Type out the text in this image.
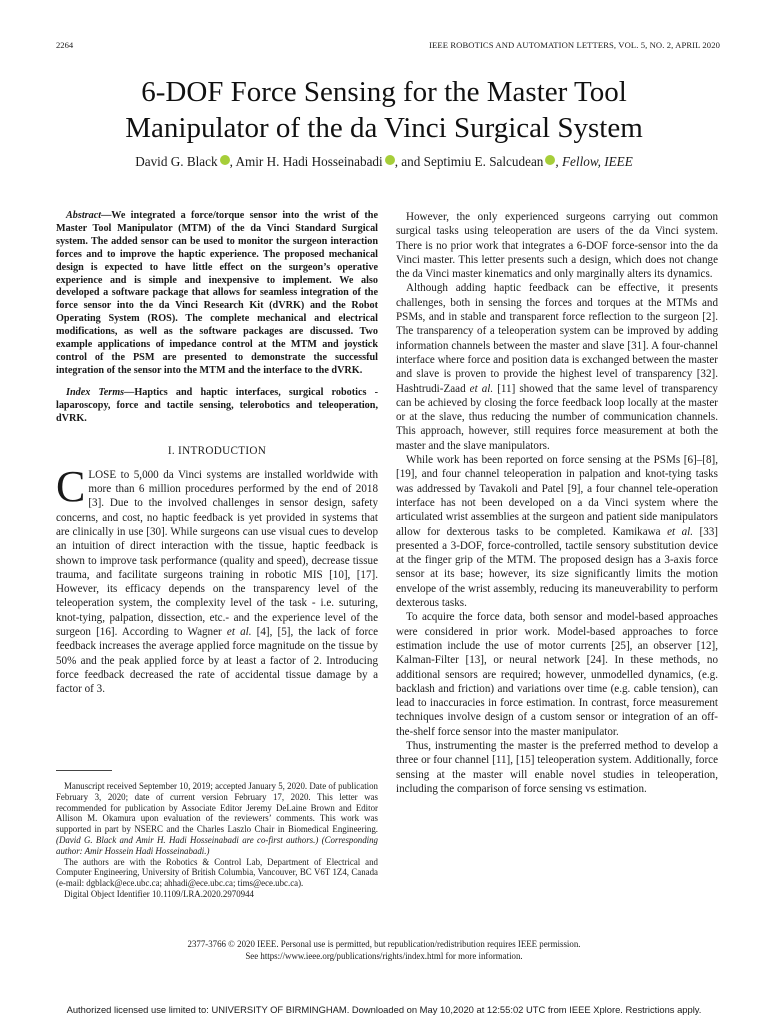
2264	IEEE ROBOTICS AND AUTOMATION LETTERS, VOL. 5, NO. 2, APRIL 2020
6-DOF Force Sensing for the Master Tool
Manipulator of the da Vinci Surgical System
David G. Black , Amir H. Hadi Hosseinabadi , and Septimiu E. Salcudean , Fellow, IEEE
Abstract—We integrated a force/torque sensor into the wrist of the Master Tool Manipulator (MTM) of the da Vinci Standard Surgical system. The added sensor can be used to monitor the surgeon interaction forces and to improve the haptic experience. The proposed mechanical design is expected to have little effect on the surgeon’s operative experience and is simple and inexpensive to implement. We also developed a software package that allows for seamless integration of the force sensor into the da Vinci Research Kit (dVRK) and the Robot Operating System (ROS). The complete mechanical and electrical modifications, as well as the software packages are discussed. Two example applications of impedance control at the MTM and joystick control of the PSM are presented to demonstrate the successful integration of the sensor into the MTM and the interface to the dVRK.
Index Terms—Haptics and haptic interfaces, surgical robotics - laparoscopy, force and tactile sensing, telerobotics and teleoperation, dVRK.
I. INTRODUCTION

CLOSE to 5,000 da Vinci systems are installed worldwide with more than 6 million procedures performed by the end of 2018 [3]. Due to the involved challenges in sensor design, safety concerns, and cost, no haptic feedback is yet provided in systems that are clinically in use [30]. While surgeons can use visual cues to develop an intuition of direct interaction with the tissue, haptic feedback is shown to improve task performance (quality and speed), decrease tissue trauma, and facilitate surgeons training in robotic MIS [10], [17]. However, its efficacy depends on the transparency level of the teleoperation system, the complexity level of the task - i.e. suturing, knot-tying, palpation, dissection, etc.- and the experience level of the surgeon [16]. According to Wagner et al. [4], [5], the lack of force feedback increases the average applied force magnitude on the tissue by 50% and the peak applied force by at least a factor of 2. Introducing force feedback decreased the rate of accidental tissue damage by a factor of 3.

Manuscript received September 10, 2019; accepted January 5, 2020. Date of publication February 3, 2020; date of current version February 17, 2020. This letter was recommended for publication by Associate Editor Jeremy DeLaine Brown and Editor Allison M. Okamura upon evaluation of the reviewers’ comments. This work was supported in part by NSERC and the Charles Laszlo Chair in Biomedical Engineering. (David G. Black and Amir H. Hadi Hosseinabadi are co-first authors.) (Corresponding author: Amir Hossein Hadi Hosseinabadi.)

The authors are with the Robotics & Control Lab, Department of Electrical and Computer Engineering, University of British Columbia, Vancouver, BC V6T 1Z4, Canada (e-mail: dgblack@ece.ubc.ca; ahhadi@ece.ubc.ca; tims@ece.ubc.ca).

Digital Object Identifier 10.1109/LRA.2020.2970944

However, the only experienced surgeons carrying out common surgical tasks using teleoperation are users of the da Vinci system. There is no prior work that integrates a 6-DOF force-sensor into the da Vinci master. This letter presents such a design, which does not change the da Vinci master kinematics and only marginally alters its dynamics.

Although adding haptic feedback can be effective, it presents challenges, both in sensing the forces and torques at the MTMs and PSMs, and in stable and transparent force reflection to the surgeon [2]. The transparency of a teleoperation system can be improved by adding information channels between the master and slave [31]. A four-channel interface where force and position data is exchanged between the master and slave is proven to provide the highest level of transparency [32]. Hashtrudi-Zaad et al. [11] showed that the same level of transparency can be achieved by closing the force feedback loop locally at the master or at the slave, thus reducing the number of communication channels. This approach, however, still requires force measurement at both the master and the slave manipulators.

While work has been reported on force sensing at the PSMs [6]–[8], [19], and four channel teleoperation in palpation and knot-tying tasks was addressed by Tavakoli and Patel [9], a four channel tele-operation interface has not been developed on a da Vinci system where the articulated wrist assemblies at the surgeon and patient side manipulators allow for dexterous tasks to be completed. Kamikawa et al. [33] presented a 3-DOF, force-controlled, tactile sensory substitution device at the finger grip of the MTM. The proposed design has a 3-axis force sensor at its base; however, its size significantly limits the motion envelope of the wrist assembly, reducing its maneuverability to perform dexterous tasks.

To acquire the force data, both sensor and model-based approaches were considered in prior work. Model-based approaches to force estimation include the use of motor currents [25], an observer [12], Kalman-Filter [13], or neural network [24]. In these methods, no additional sensors are required; however, unmodelled dynamics, (e.g. backlash and friction) and variations over time (e.g. cable tension), can lead to inaccuracies in force estimation. In contrast, force measurement techniques involve design of a custom sensor or integration of an off-the-shelf force sensor into the master manipulator.

Thus, instrumenting the master is the preferred method to develop a three or four channel [11], [15] teleoperation system. Additionally, force sensing at the master will enable novel studies in teleoperation, including the comparison of force sensing vs estimation.

2377-3766 © 2020 IEEE. Personal use is permitted, but republication/redistribution requires IEEE permission.
See https://www.ieee.org/publications/rights/index.html for more information.
Authorized licensed use limited to: UNIVERSITY OF BIRMINGHAM. Downloaded on May 10,2020 at 12:55:02 UTC from IEEE Xplore. Restrictions apply.
